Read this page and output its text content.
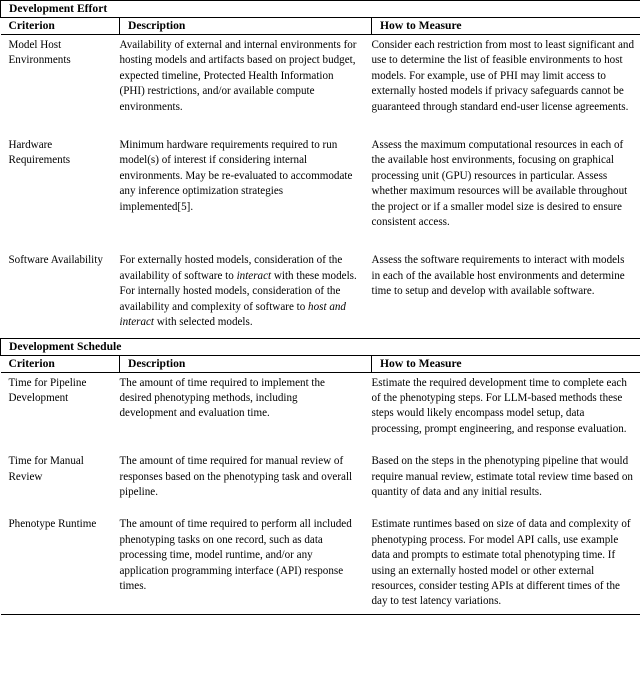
Development Effort		
Criterion	Description	How to Measure
Model Host Environments	Availability of external and internal environments for hosting models and artifacts based on project budget, expected timeline, Protected Health Information (PHI) restrictions, and/or available compute environments.	Consider each restriction from most to least significant and use to determine the list of feasible environments to host models. For example, use of PHI may limit access to externally hosted models if privacy safeguards cannot be guaranteed through standard end-user license agreements.
Hardware Requirements	Minimum hardware requirements required to run model(s) of interest if considering internal environments. May be re-evaluated to accommodate any inference optimization strategies implemented[5].	Assess the maximum computational resources in each of the available host environments, focusing on graphical processing unit (GPU) resources in particular. Assess whether maximum resources will be available throughout the project or if a smaller model size is desired to ensure consistent access.
Software Availability	For externally hosted models, consideration of the availability of software to interact with these models. For internally hosted models, consideration of the availability and complexity of software to host and interact with selected models.	Assess the software requirements to interact with models in each of the available host environments and determine time to setup and develop with available software.

Development Schedule		
Criterion	Description	How to Measure
Time for Pipeline Development	The amount of time required to implement the desired phenotyping methods, including development and evaluation time.	Estimate the required development time to complete each of the phenotyping steps. For LLM-based methods these steps would likely encompass model setup, data processing, prompt engineering, and response evaluation.
Time for Manual Review	The amount of time required for manual review of responses based on the phenotyping task and overall pipeline.	Based on the steps in the phenotyping pipeline that would require manual review, estimate total review time based on quantity of data and any initial results.
Phenotype Runtime	The amount of time required to perform all included phenotyping tasks on one record, such as data processing time, model runtime, and/or any application programming interface (API) response times.	Estimate runtimes based on size of data and complexity of phenotyping process. For model API calls, use example data and prompts to estimate total phenotyping time. If using an externally hosted model or other external resources, consider testing APIs at different times of the day to test latency variations.
